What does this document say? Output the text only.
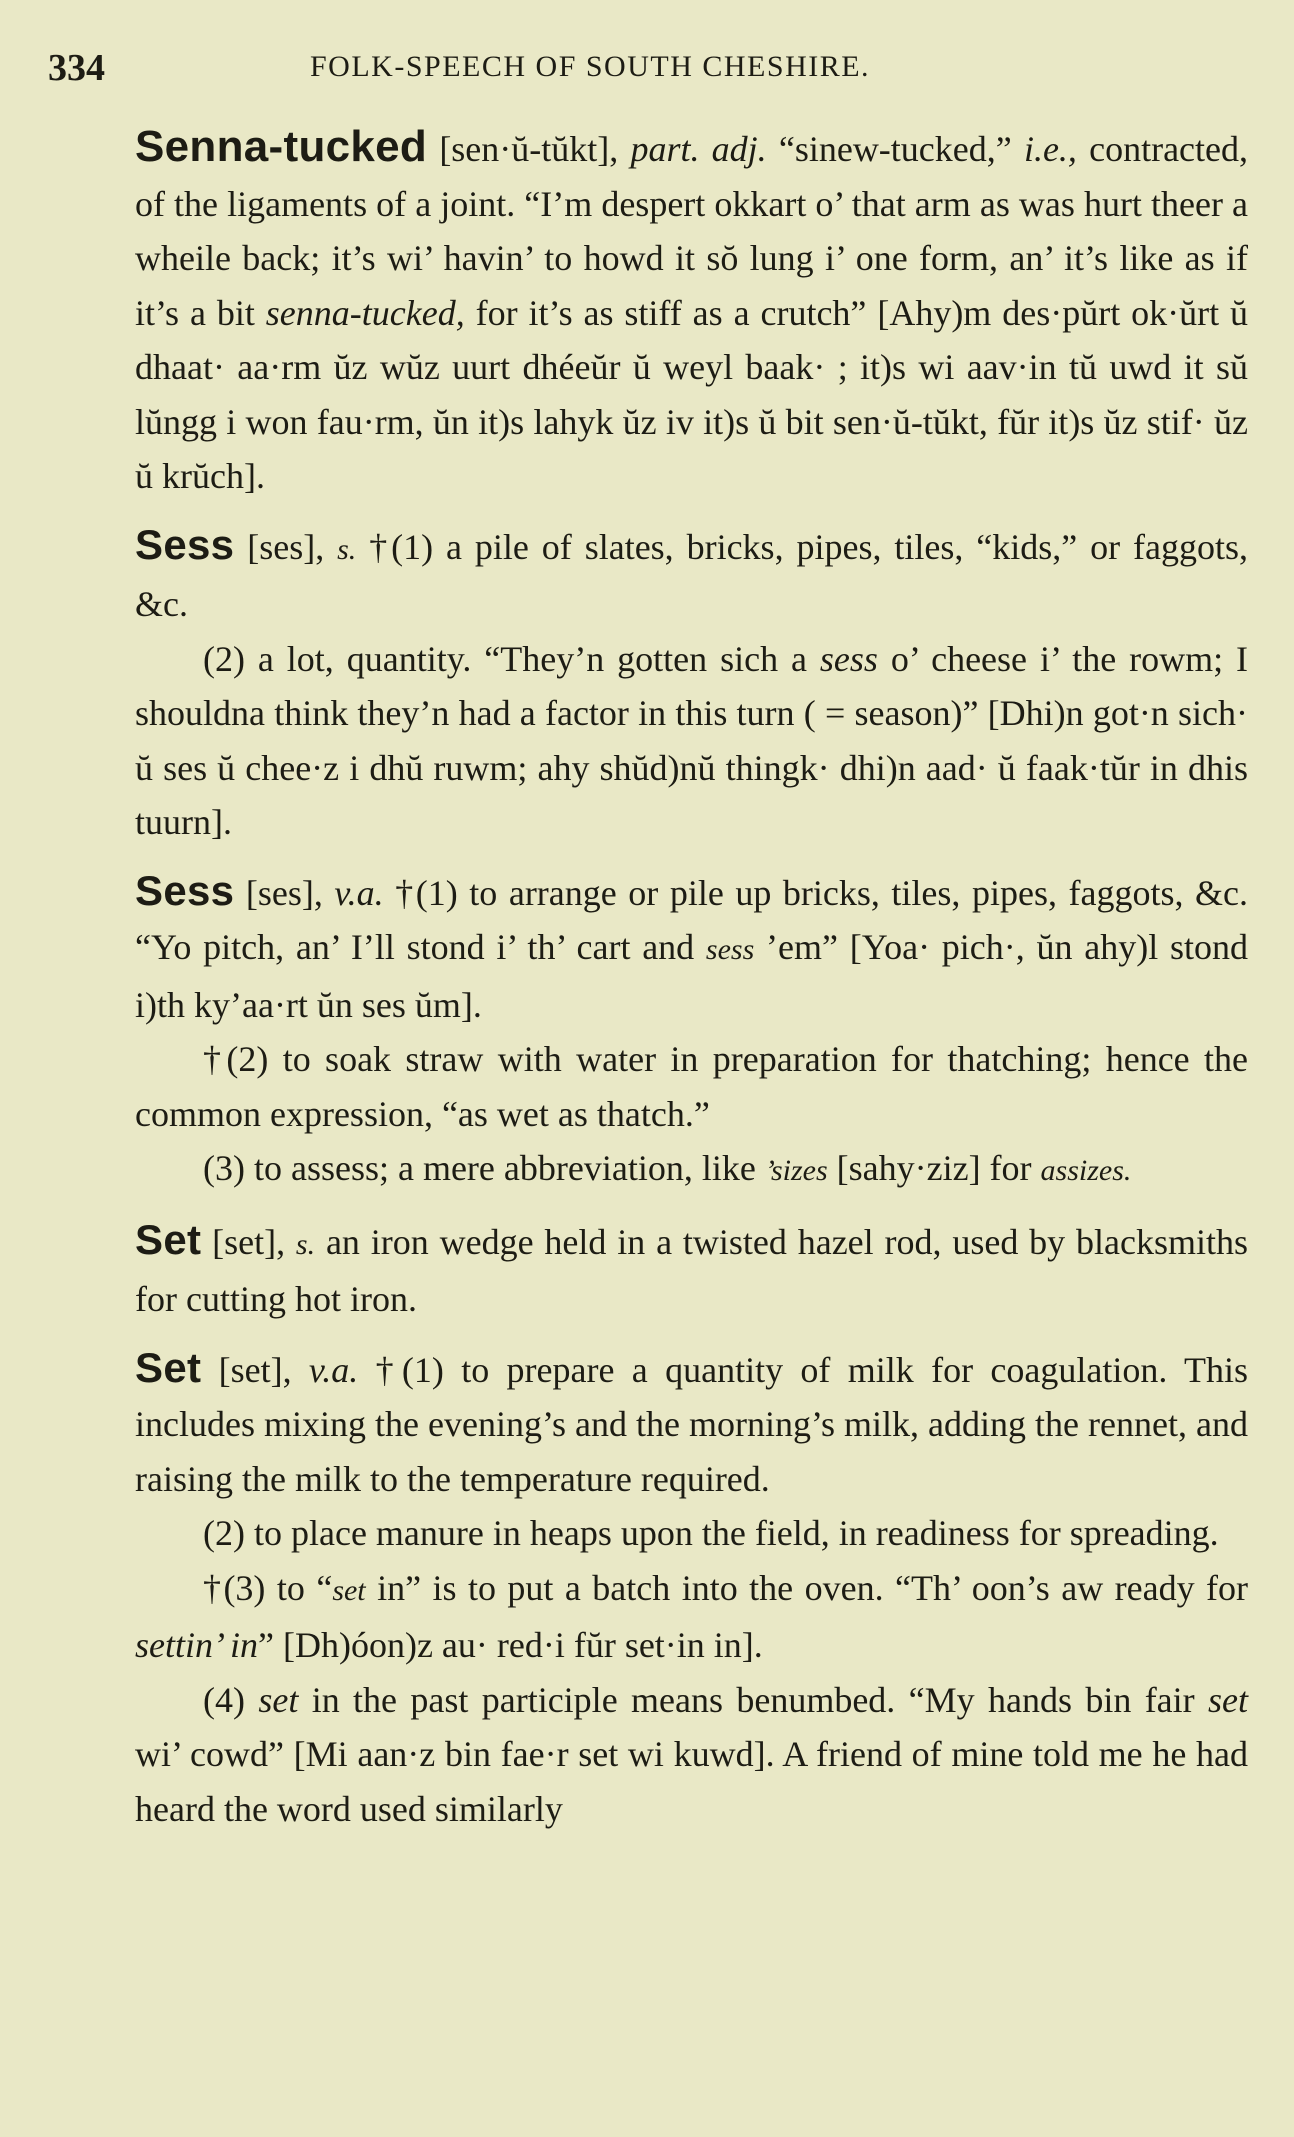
334	FOLK-SPEECH OF SOUTH CHESHIRE.

Senna-tucked [sen·ŭ-tŭkt], part. adj. “sinew-tucked,” i.e., contracted, of the ligaments of a joint. “I’m despert okkart o’ that arm as was hurt theer a wheile back; it’s wi’ havin’ to howd it sŏ lung i’ one form, an’ it’s like as if it’s a bit senna-tucked, for it’s as stiff as a crutch” [Ahy)m des·pŭrt ok·ŭrt ŭ dhaat· aa·rm ŭz wŭz uurt dhéeŭr ŭ weyl baak· ; it)s wi aav·in tŭ uwd it sŭ lŭngg i won fau·rm, ŭn it)s lahyk ŭz iv it)s ŭ bit sen·ŭ-tŭkt, fŭr it)s ŭz stif· ŭz ŭ krŭch].

Sess [ses], s. †(1) a pile of slates, bricks, pipes, tiles, “kids,” or faggots, &c.

(2) a lot, quantity. “They’n gotten sich a sess o’ cheese i’ the rowm; I shouldna think they’n had a factor in this turn ( = season)” [Dhi)n got·n sich· ŭ ses ŭ chee·z i dhŭ ruwm; ahy shŭd)nŭ thingk· dhi)n aad· ŭ faak·tŭr in dhis tuurn].

Sess [ses], v.a. †(1) to arrange or pile up bricks, tiles, pipes, faggots, &c. “Yo pitch, an’ I’ll stond i’ th’ cart and sess ’em” [Yoa· pich·, ŭn ahy)l stond i)th ky’aa·rt ŭn ses ŭm].

†(2) to soak straw with water in preparation for thatching; hence the common expression, “as wet as thatch.”

(3) to assess; a mere abbreviation, like ’sizes [sahy·ziz] for assizes.

Set [set], s. an iron wedge held in a twisted hazel rod, used by blacksmiths for cutting hot iron.

Set [set], v.a. †(1) to prepare a quantity of milk for coagulation. This includes mixing the evening’s and the morning’s milk, adding the rennet, and raising the milk to the temperature required.

(2) to place manure in heaps upon the field, in readiness for spreading.

†(3) to “set in” is to put a batch into the oven. “Th’ oon’s aw ready for settin’ in” [Dh)óon)z au· red·i fŭr set·in in].

(4) set in the past participle means benumbed. “My hands bin fair set wi’ cowd” [Mi aan·z bin fae·r set wi kuwd]. A friend of mine told me he had heard the word used similarly
